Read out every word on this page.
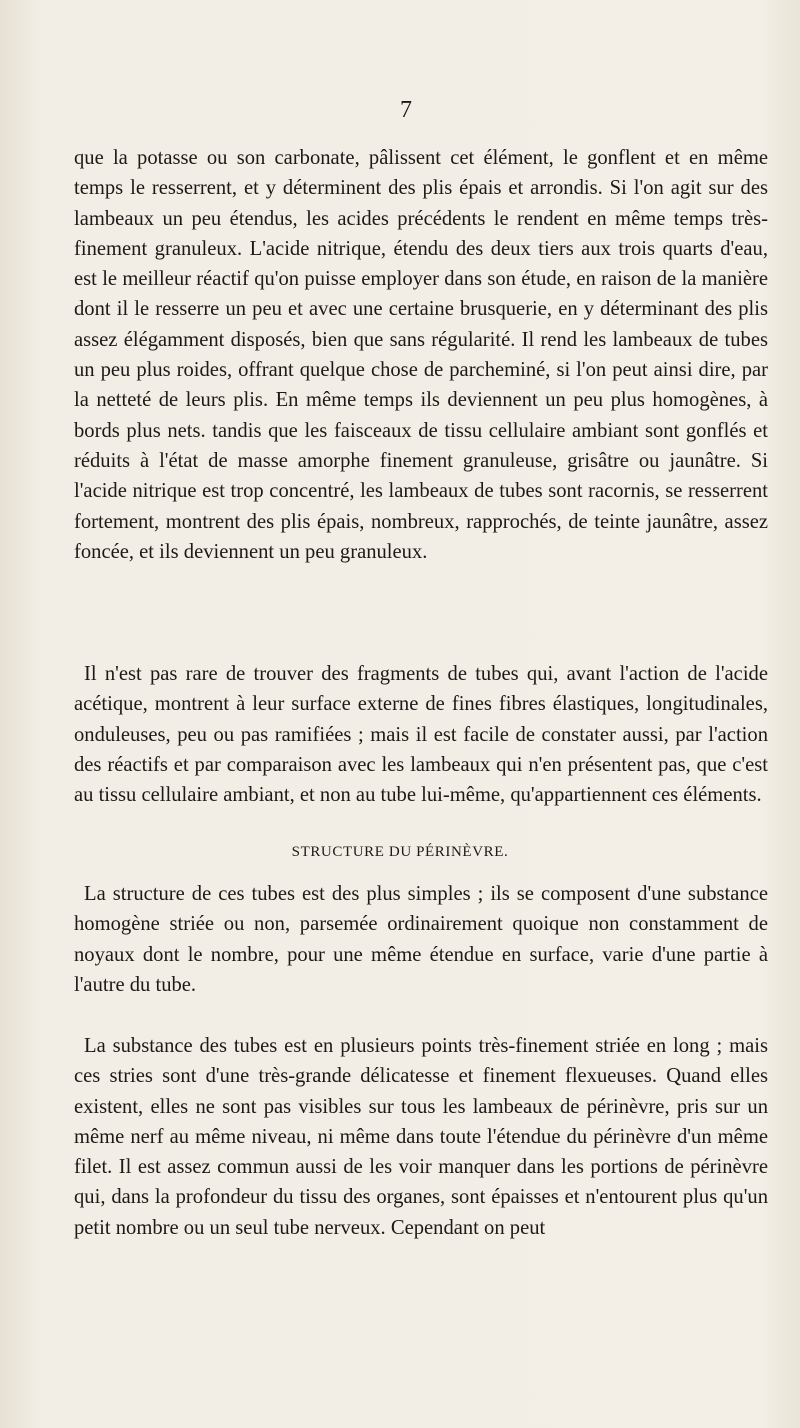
7

que la potasse ou son carbonate, pâlissent cet élément, le gonflent et en même temps le resserrent, et y déterminent des plis épais et arrondis. Si l'on agit sur des lambeaux un peu étendus, les acides précédents le rendent en même temps très-finement granuleux. L'acide nitrique, étendu des deux tiers aux trois quarts d'eau, est le meilleur réactif qu'on puisse employer dans son étude, en raison de la manière dont il le resserre un peu et avec une certaine brusquerie, en y déterminant des plis assez élégamment disposés, bien que sans régularité. Il rend les lambeaux de tubes un peu plus roides, offrant quelque chose de parcheminé, si l'on peut ainsi dire, par la netteté de leurs plis. En même temps ils deviennent un peu plus homogènes, à bords plus nets. tandis que les faisceaux de tissu cellulaire ambiant sont gonflés et réduits à l'état de masse amorphe finement granuleuse, grisâtre ou jaunâtre. Si l'acide nitrique est trop concentré, les lambeaux de tubes sont racornis, se resserrent fortement, montrent des plis épais, nombreux, rapprochés, de teinte jaunâtre, assez foncée, et ils deviennent un peu granuleux.

Il n'est pas rare de trouver des fragments de tubes qui, avant l'action de l'acide acétique, montrent à leur surface externe de fines fibres élastiques, longitudinales, onduleuses, peu ou pas ramifiées ; mais il est facile de constater aussi, par l'action des réactifs et par comparaison avec les lambeaux qui n'en présentent pas, que c'est au tissu cellulaire ambiant, et non au tube lui-même, qu'appartiennent ces éléments.

STRUCTURE DU PÉRINÈVRE.

La structure de ces tubes est des plus simples ; ils se composent d'une substance homogène striée ou non, parsemée ordinairement quoique non constamment de noyaux dont le nombre, pour une même étendue en surface, varie d'une partie à l'autre du tube.

La substance des tubes est en plusieurs points très-finement striée en long ; mais ces stries sont d'une très-grande délicatesse et finement flexueuses. Quand elles existent, elles ne sont pas visibles sur tous les lambeaux de périnèvre, pris sur un même nerf au même niveau, ni même dans toute l'étendue du périnèvre d'un même filet. Il est assez commun aussi de les voir manquer dans les portions de périnèvre qui, dans la profondeur du tissu des organes, sont épaisses et n'entourent plus qu'un petit nombre ou un seul tube nerveux. Cependant on peut
